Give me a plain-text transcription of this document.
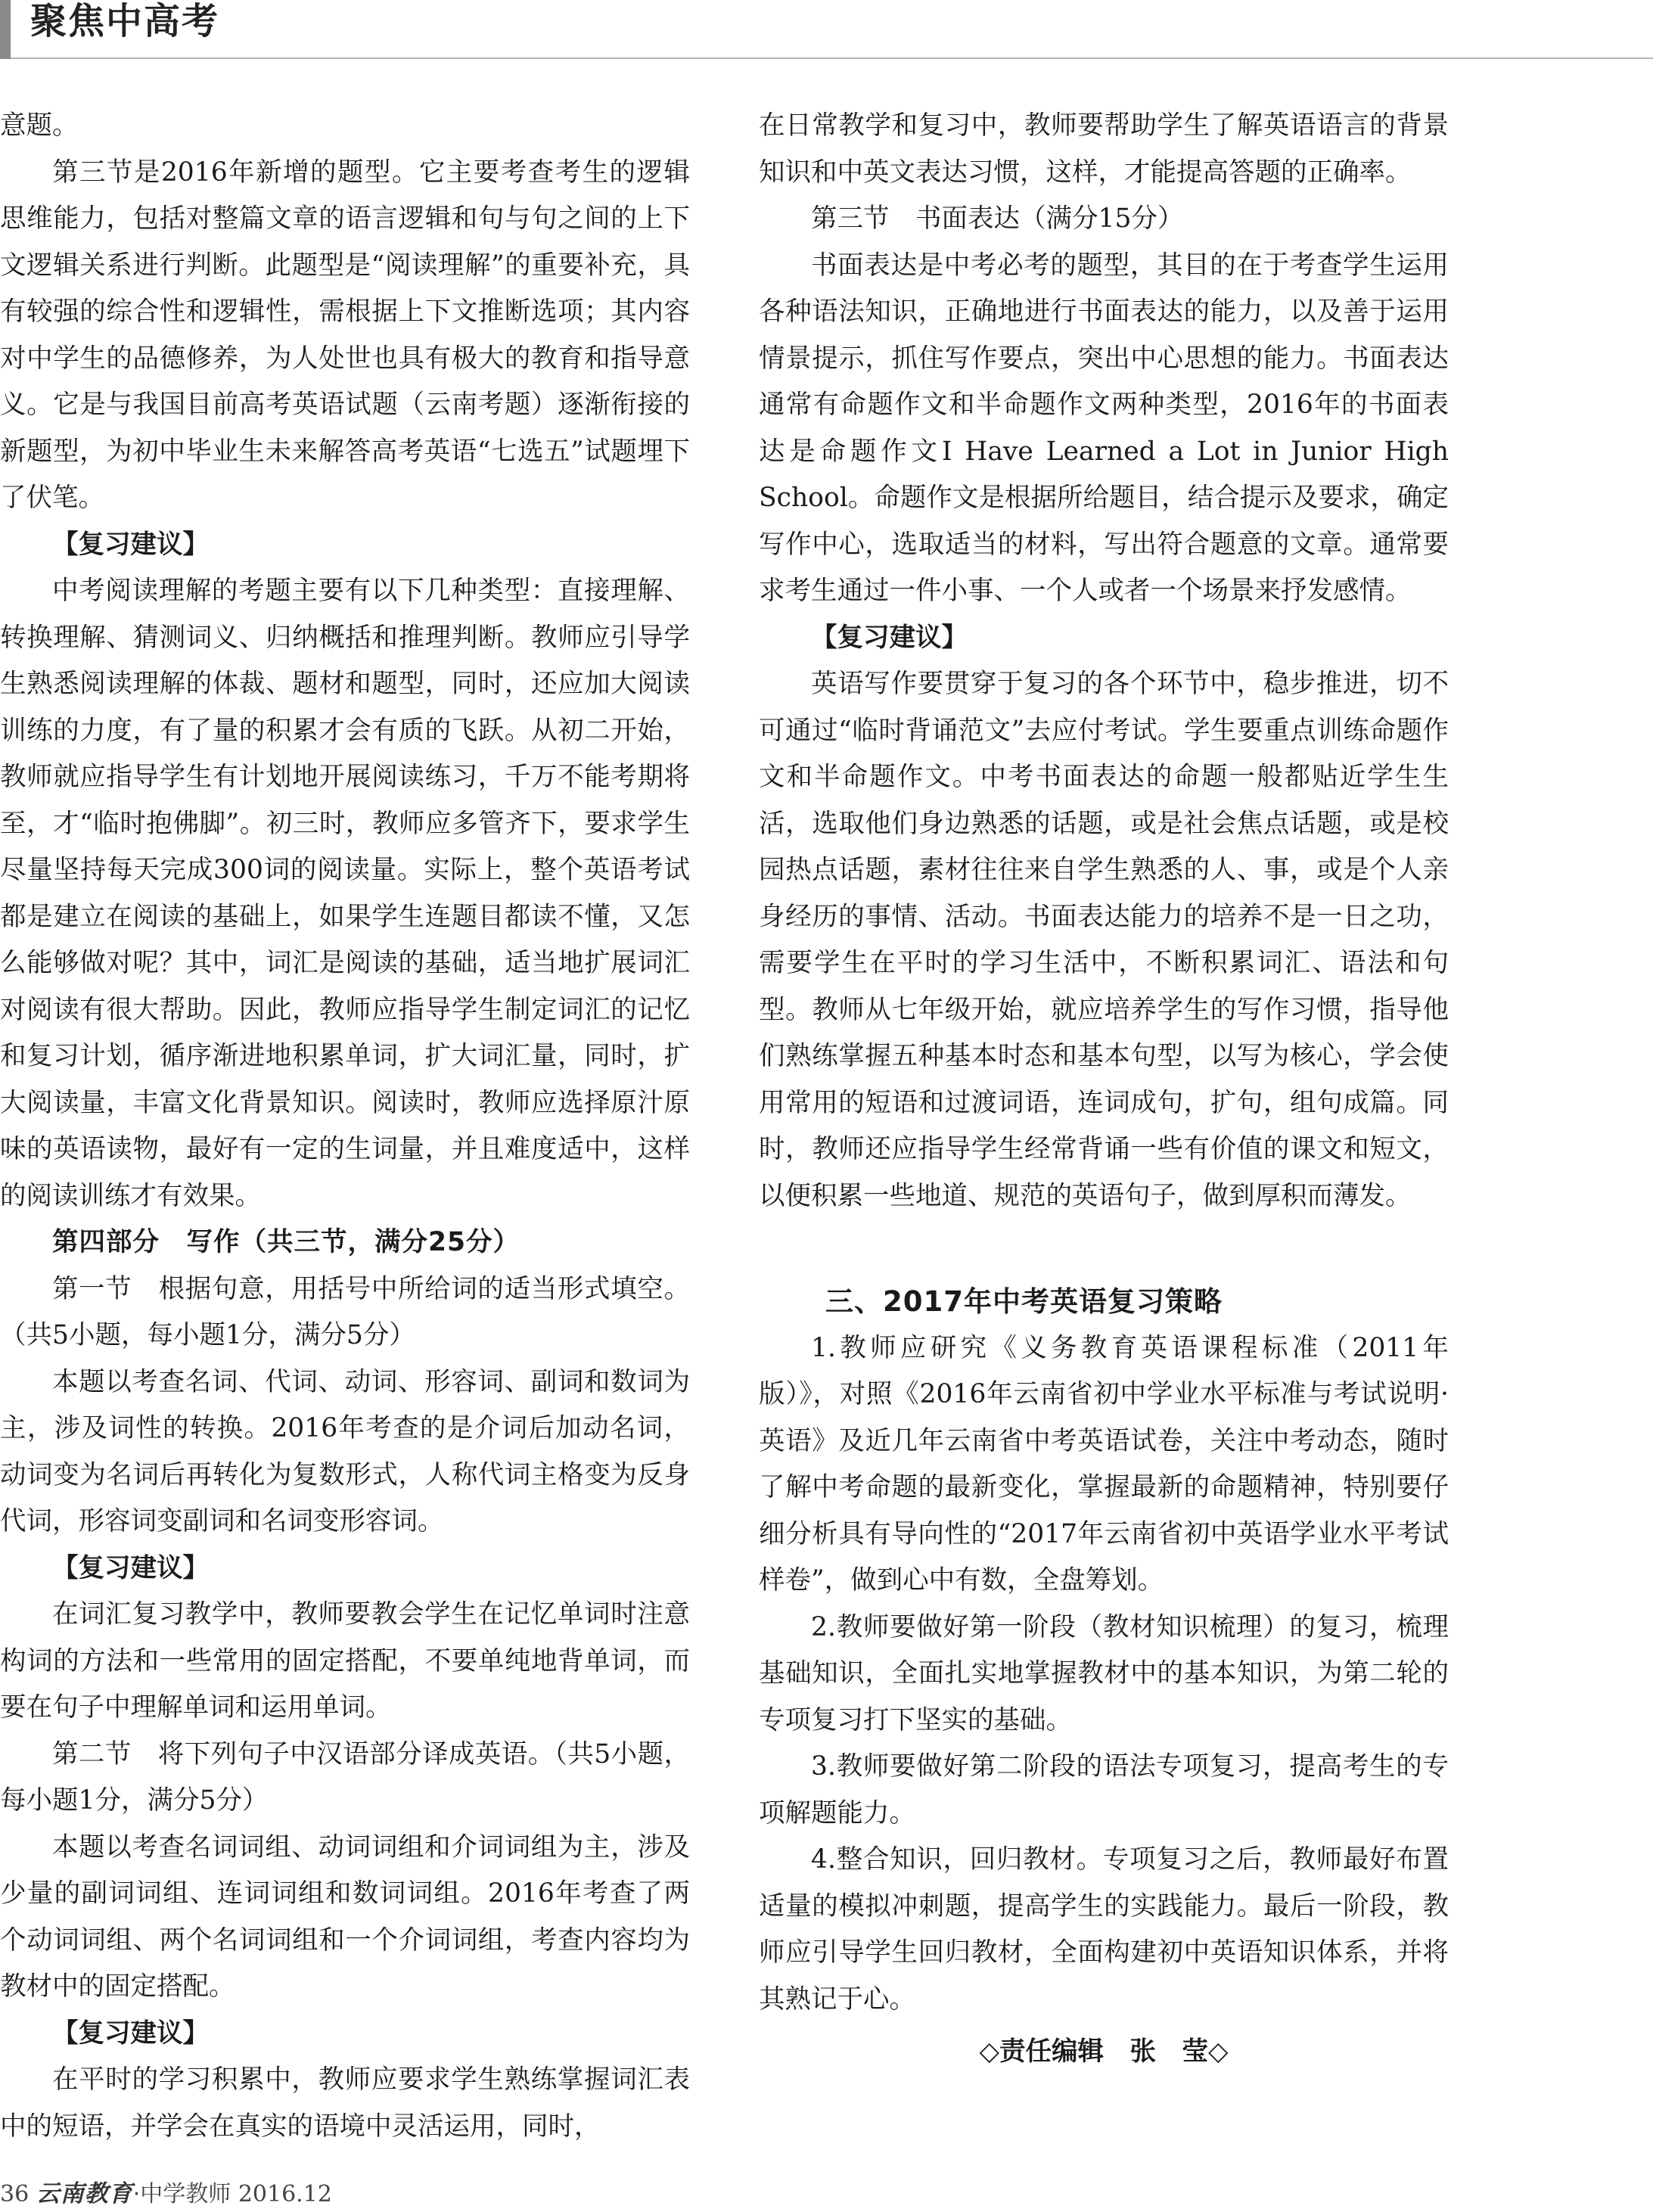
聚焦中高考

意题。

第三节是2016年新增的题型。它主要考查考生的逻辑思维能力，包括对整篇文章的语言逻辑和句与句之间的上下文逻辑关系进行判断。此题型是“阅读理解”的重要补充，具有较强的综合性和逻辑性，需根据上下文推断选项；其内容对中学生的品德修养，为人处世也具有极大的教育和指导意义。它是与我国目前高考英语试题（云南考题）逐渐衔接的新题型，为初中毕业生未来解答高考英语“七选五”试题埋下了伏笔。

【复习建议】

中考阅读理解的考题主要有以下几种类型：直接理解、转换理解、猜测词义、归纳概括和推理判断。教师应引导学生熟悉阅读理解的体裁、题材和题型，同时，还应加大阅读训练的力度，有了量的积累才会有质的飞跃。从初二开始，教师就应指导学生有计划地开展阅读练习，千万不能考期将至，才“临时抱佛脚”。初三时，教师应多管齐下，要求学生尽量坚持每天完成300词的阅读量。实际上，整个英语考试都是建立在阅读的基础上，如果学生连题目都读不懂，又怎么能够做对呢？其中，词汇是阅读的基础，适当地扩展词汇对阅读有很大帮助。因此，教师应指导学生制定词汇的记忆和复习计划，循序渐进地积累单词，扩大词汇量，同时，扩大阅读量，丰富文化背景知识。阅读时，教师应选择原汁原味的英语读物，最好有一定的生词量，并且难度适中，这样的阅读训练才有效果。

第四部分　写作（共三节，满分25分）

第一节　根据句意，用括号中所给词的适当形式填空。（共5小题，每小题1分，满分5分）

本题以考查名词、代词、动词、形容词、副词和数词为主，涉及词性的转换。2016年考查的是介词后加动名词，动词变为名词后再转化为复数形式，人称代词主格变为反身代词，形容词变副词和名词变形容词。

【复习建议】

在词汇复习教学中，教师要教会学生在记忆单词时注意构词的方法和一些常用的固定搭配，不要单纯地背单词，而要在句子中理解单词和运用单词。

第二节　将下列句子中汉语部分译成英语。（共5小题，每小题1分，满分5分）

本题以考查名词词组、动词词组和介词词组为主，涉及少量的副词词组、连词词组和数词词组。2016年考查了两个动词词组、两个名词词组和一个介词词组，考查内容均为教材中的固定搭配。

【复习建议】

在平时的学习积累中，教师应要求学生熟练掌握词汇表中的短语，并学会在真实的语境中灵活运用，同时，

在日常教学和复习中，教师要帮助学生了解英语语言的背景知识和中英文表达习惯，这样，才能提高答题的正确率。

第三节　书面表达（满分15分）

书面表达是中考必考的题型，其目的在于考查学生运用各种语法知识，正确地进行书面表达的能力，以及善于运用情景提示，抓住写作要点，突出中心思想的能力。书面表达通常有命题作文和半命题作文两种类型，2016年的书面表达是命题作文I Have Learned a Lot in Junior High School。命题作文是根据所给题目，结合提示及要求，确定写作中心，选取适当的材料，写出符合题意的文章。通常要求考生通过一件小事、一个人或者一个场景来抒发感情。

【复习建议】

英语写作要贯穿于复习的各个环节中，稳步推进，切不可通过“临时背诵范文”去应付考试。学生要重点训练命题作文和半命题作文。中考书面表达的命题一般都贴近学生生活，选取他们身边熟悉的话题，或是社会焦点话题，或是校园热点话题，素材往往来自学生熟悉的人、事，或是个人亲身经历的事情、活动。书面表达能力的培养不是一日之功，需要学生在平时的学习生活中，不断积累词汇、语法和句型。教师从七年级开始，就应培养学生的写作习惯，指导他们熟练掌握五种基本时态和基本句型，以写为核心，学会使用常用的短语和过渡词语，连词成句，扩句，组句成篇。同时，教师还应指导学生经常背诵一些有价值的课文和短文，以便积累一些地道、规范的英语句子，做到厚积而薄发。

三、2017年中考英语复习策略

1.教师应研究《义务教育英语课程标准（2011年版）》，对照《2016年云南省初中学业水平标准与考试说明·英语》及近几年云南省中考英语试卷，关注中考动态，随时了解中考命题的最新变化，掌握最新的命题精神，特别要仔细分析具有导向性的“2017年云南省初中英语学业水平考试样卷”，做到心中有数，全盘筹划。

2.教师要做好第一阶段（教材知识梳理）的复习，梳理基础知识，全面扎实地掌握教材中的基本知识，为第二轮的专项复习打下坚实的基础。

3.教师要做好第二阶段的语法专项复习，提高考生的专项解题能力。

4.整合知识，回归教材。专项复习之后，教师最好布置适量的模拟冲刺题，提高学生的实践能力。最后一阶段，教师应引导学生回归教材，全面构建初中英语知识体系，并将其熟记于心。

◇责任编辑　张　莹◇

36 云南教育·中学教师 2016.12
